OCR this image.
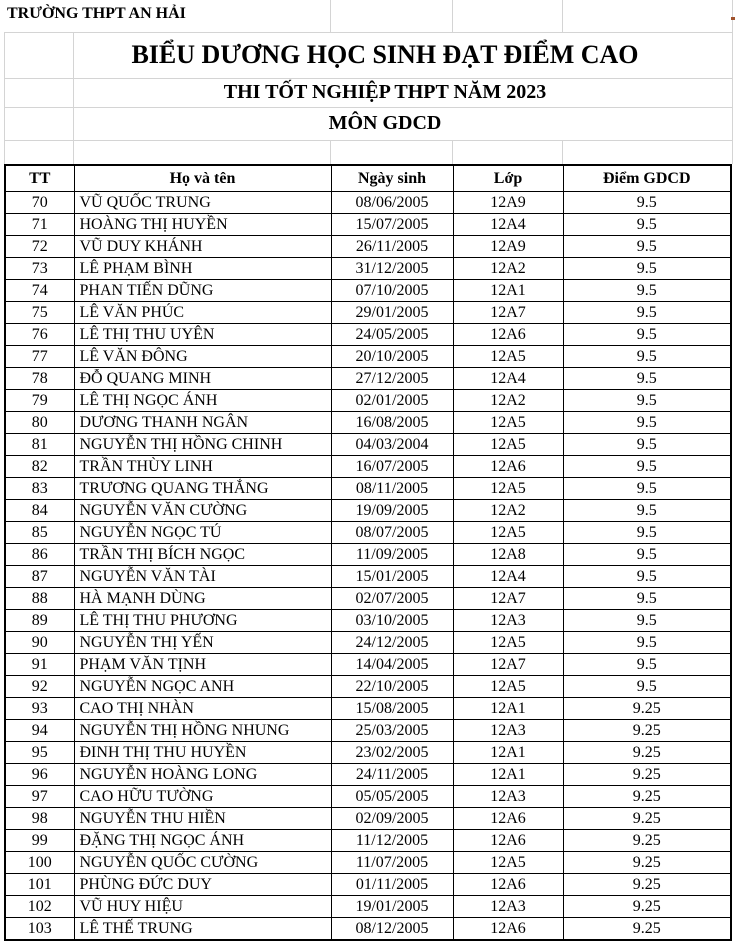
TRƯỜNG THPT AN HẢI
BIỂU DƯƠNG HỌC SINH ĐẠT ĐIỂM CAO
THI TỐT NGHIỆP THPT NĂM 2023
MÔN GDCD
TT	Họ và tên	Ngày sinh	Lớp	Điểm GDCD
70	VŨ QUỐC TRUNG	08/06/2005	12A9	9.5
71	HOÀNG THỊ HUYỀN	15/07/2005	12A4	9.5
72	VŨ DUY KHÁNH	26/11/2005	12A9	9.5
73	LÊ PHẠM BÌNH	31/12/2005	12A2	9.5
74	PHAN TIẾN DŨNG	07/10/2005	12A1	9.5
75	LÊ VĂN PHÚC	29/01/2005	12A7	9.5
76	LÊ THỊ THU UYÊN	24/05/2005	12A6	9.5
77	LÊ VĂN ĐÔNG	20/10/2005	12A5	9.5
78	ĐỖ QUANG MINH	27/12/2005	12A4	9.5
79	LÊ THỊ NGỌC ÁNH	02/01/2005	12A2	9.5
80	DƯƠNG THANH NGÂN	16/08/2005	12A5	9.5
81	NGUYỄN THỊ HỒNG CHINH	04/03/2004	12A5	9.5
82	TRẦN THÙY LINH	16/07/2005	12A6	9.5
83	TRƯƠNG QUANG THẮNG	08/11/2005	12A5	9.5
84	NGUYỄN VĂN CƯỜNG	19/09/2005	12A2	9.5
85	NGUYỄN NGỌC TÚ	08/07/2005	12A5	9.5
86	TRẦN THỊ BÍCH NGỌC	11/09/2005	12A8	9.5
87	NGUYỄN VĂN TÀI	15/01/2005	12A4	9.5
88	HÀ MẠNH DÙNG	02/07/2005	12A7	9.5
89	LÊ THỊ THU PHƯƠNG	03/10/2005	12A3	9.5
90	NGUYỄN THỊ YẾN	24/12/2005	12A5	9.5
91	PHẠM VĂN TỊNH	14/04/2005	12A7	9.5
92	NGUYỄN NGỌC ANH	22/10/2005	12A5	9.5
93	CAO THỊ NHÀN	15/08/2005	12A1	9.25
94	NGUYỄN THỊ HỒNG NHUNG	25/03/2005	12A3	9.25
95	ĐINH THỊ THU HUYỀN	23/02/2005	12A1	9.25
96	NGUYỄN HOÀNG LONG	24/11/2005	12A1	9.25
97	CAO HỮU TƯỜNG	05/05/2005	12A3	9.25
98	NGUYỄN THU HIỀN	02/09/2005	12A6	9.25
99	ĐẶNG THỊ NGỌC ÁNH	11/12/2005	12A6	9.25
100	NGUYỄN QUỐC CƯỜNG	11/07/2005	12A5	9.25
101	PHÙNG ĐỨC DUY	01/11/2005	12A6	9.25
102	VŨ HUY HIỆU	19/01/2005	12A3	9.25
103	LÊ THẾ TRUNG	08/12/2005	12A6	9.25
